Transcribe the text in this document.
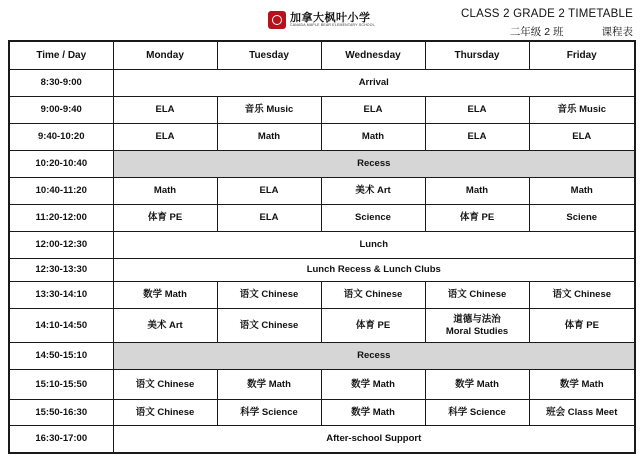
加拿大枫叶小学
CANADA MAPLE BEAR ELEMENTARY SCHOOL
CLASS 2 GRADE 2 TIMETABLE
二年级 2 班	课程表
Time / Day	Monday	Tuesday	Wednesday	Thursday	Friday
8:30-9:00	Arrival				
9:00-9:40	ELA	音乐 Music	ELA	ELA	音乐 Music
9:40-10:20	ELA	Math	Math	ELA	ELA
10:20-10:40	Recess				
10:40-11:20	Math	ELA	美术 Art	Math	Math
11:20-12:00	体育 PE	ELA	Science	体育 PE	Sciene
12:00-12:30	Lunch				
12:30-13:30	Lunch Recess & Lunch Clubs				
13:30-14:10	数学 Math	语文 Chinese	语文 Chinese	语文 Chinese	语文 Chinese
14:10-14:50	美术 Art	语文 Chinese	体育 PE	道德与法治
Moral Studies	体育 PE
14:50-15:10	Recess				
15:10-15:50	语文 Chinese	数学 Math	数学 Math	数学 Math	数学 Math
15:50-16:30	语文 Chinese	科学 Science	数学 Math	科学 Science	班会 Class Meet
16:30-17:00	After-school Support				
